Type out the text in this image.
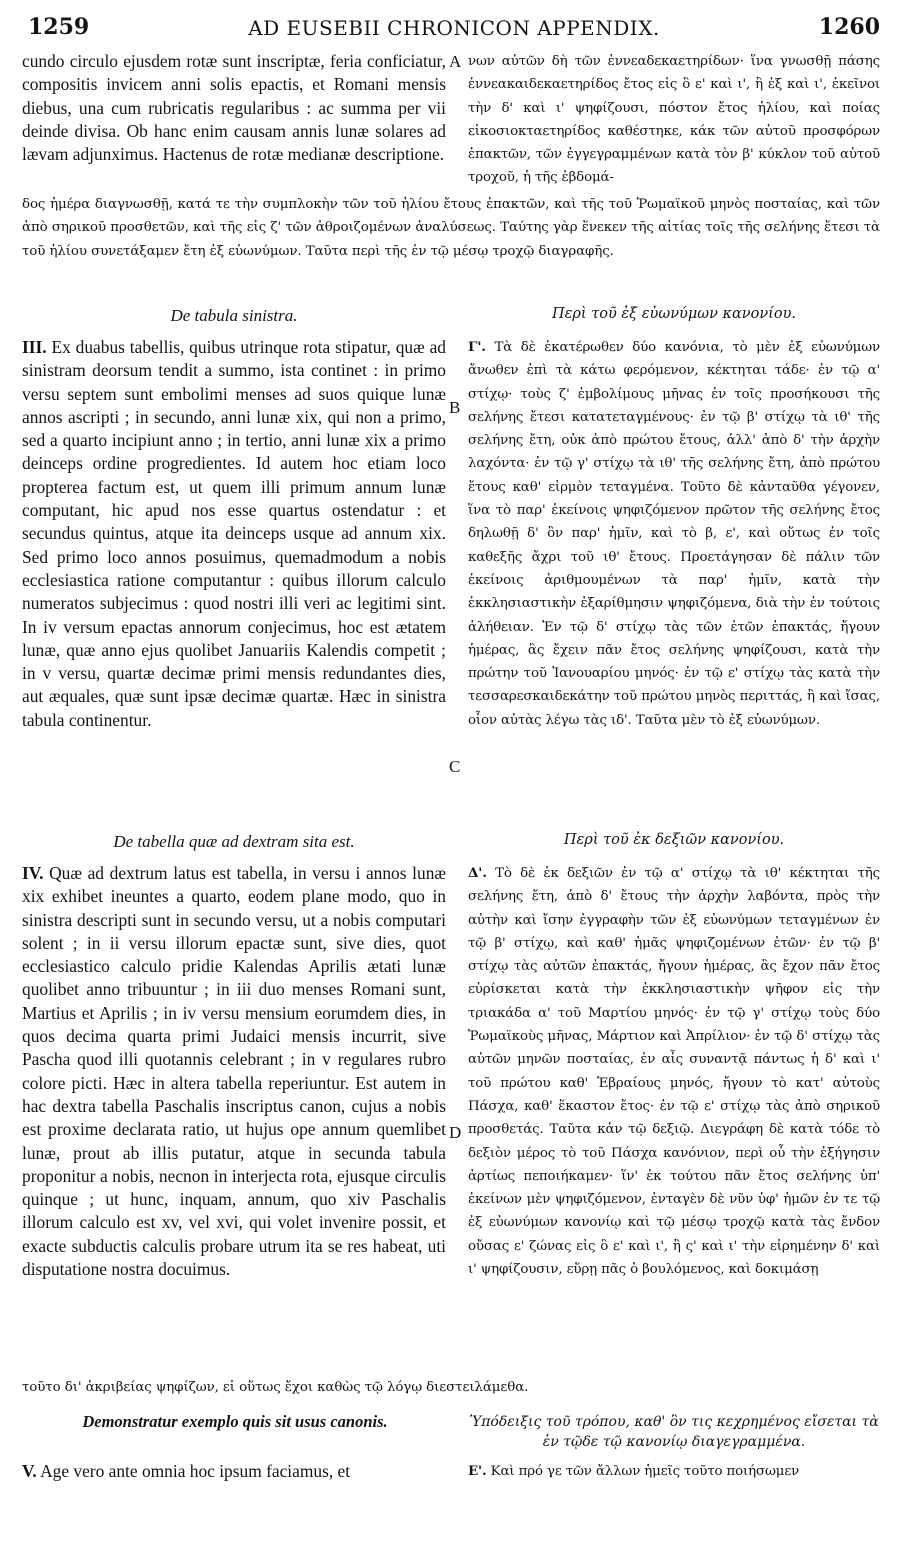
1259	AD EUSEBII CHRONICON APPENDIX.	1260
A
B
C
D

cundo circulo ejusdem rotæ sunt inscriptæ, feria conficiatur, compositis invicem anni solis epactis, et Romani mensis diebus, una cum rubricatis regularibus : ac summa per vii deinde divisa. Ob hanc enim causam annis lunæ solares ad lævam adjunximus. Hactenus de rotæ medianæ descriptione.

νων αὐτῶν δὴ τῶν ἐννεαδεκαετηρίδων· ἵνα γνωσθῇ πάσης ἐννεακαιδεκαετηρίδος ἔτος εἰς ὃ ε' καὶ ι', ἢ ἐξ καὶ ι', ἐκεῖνοι τὴν δ' καὶ ι' ψηφίζουσι, πόστον ἔτος ἡλίου, καὶ ποίας εἰκοσιοκταετηρίδος καθέστηκε, κάκ τῶν αὐτοῦ προσφόρων ἐπακτῶν, τῶν ἐγγεγραμμένων κατὰ τὸν β' κύκλον τοῦ αὐτοῦ τροχοῦ, ἡ τῆς ἑβδομά-

δος ἡμέρα διαγνωσθῇ, κατά τε τὴν συμπλοκὴν τῶν τοῦ ἡλίου ἔτους ἐπακτῶν, καὶ τῆς τοῦ Ῥωμαϊκοῦ μηνὸς ποσταίας, καὶ τῶν ἀπὸ σηρικοῦ προσθετῶν, καὶ τῆς εἰς ζ' τῶν ἀθροιζομένων ἀναλύσεως. Ταύτης γὰρ ἕνεκεν τῆς αἰτίας τοῖς τῆς σελήνης ἔτεσι τὰ τοῦ ἡλίου συνετάξαμεν ἔτη ἐξ εὐωνύμων. Ταῦτα περὶ τῆς ἐν τῷ μέσῳ τροχῷ διαγραφῆς.

De tabula sinistra.	Περὶ τοῦ ἐξ εὐωνύμων κανονίου.

III. Ex duabus tabellis, quibus utrinque rota stipatur, quæ ad sinistram deorsum tendit a summo, ista continet : in primo versu septem sunt embolimi menses ad suos quique lunæ annos ascripti ; in secundo, anni lunæ xix, qui non a primo, sed a quarto incipiunt anno ; in tertio, anni lunæ xix a primo deinceps ordine progredientes. Id autem hoc etiam loco propterea factum est, ut quem illi primum annum lunæ computant, hic apud nos esse quartus ostendatur : et secundus quintus, atque ita deinceps usque ad annum xix. Sed primo loco annos posuimus, quemadmodum a nobis ecclesiastica ratione computantur : quibus illorum calculo numeratos subjecimus : quod nostri illi veri ac legitimi sint. In iv versum epactas annorum conjecimus, hoc est ætatem lunæ, quæ anno ejus quolibet Januariis Kalendis competit ; in v versu, quartæ decimæ primi mensis redundantes dies, aut æquales, quæ sunt ipsæ decimæ quartæ. Hæc in sinistra tabula continentur.

Γ'. Τὰ δὲ ἑκατέρωθεν δύο κανόνια, τὸ μὲν ἐξ εὐωνύμων ἄνωθεν ἐπὶ τὰ κάτω φερόμενον, κέκτηται τάδε· ἐν τῷ α' στίχῳ· τοὺς ζ' ἐμβολίμους μῆνας ἐν τοῖς προσήκουσι τῆς σελήνης ἔτεσι κατατεταγμένους· ἐν τῷ β' στίχῳ τὰ ιθ' τῆς σελήνης ἔτη, οὐκ ἀπὸ πρώτου ἔτους, ἀλλ' ἀπὸ δ' τὴν ἀρχὴν λαχόντα· ἐν τῷ γ' στίχῳ τὰ ιθ' τῆς σελήνης ἔτη, ἀπὸ πρώτου ἔτους καθ' εἱρμὸν τεταγμένα. Τοῦτο δὲ κἀνταῦθα γέγονεν, ἵνα τὸ παρ' ἐκείνοις ψηφιζόμενον πρῶτον τῆς σελήνης ἔτος δηλωθῇ δ' ὂν παρ' ἡμῖν, καὶ τὸ β, ε', καὶ οὕτως ἐν τοῖς καθεξῆς ἄχρι τοῦ ιθ' ἔτους. Προετάγησαν δὲ πάλιν τῶν ἐκείνοις ἀριθμουμένων τὰ παρ' ἡμῖν, κατὰ τὴν ἐκκλησιαστικὴν ἐξαρίθμησιν ψηφιζόμενα, διὰ τὴν ἐν τούτοις ἀλήθειαν. Ἐν τῷ δ' στίχῳ τὰς τῶν ἐτῶν ἐπακτάς, ἤγουν ἡμέρας, ἃς ἔχειν πᾶν ἔτος σελήνης ψηφίζουσι, κατὰ τὴν πρώτην τοῦ Ἰανουαρίου μηνός· ἐν τῷ ε' στίχῳ τὰς κατὰ τὴν τεσσαρεσκαιδεκάτην τοῦ πρώτου μηνὸς περιττάς, ἢ καὶ ἴσας, οἷον αὐτὰς λέγω τὰς ιδ'. Ταῦτα μὲν τὸ ἐξ εὐωνύμων.

De tabella quæ ad dextram sita est.	Περὶ τοῦ ἐκ δεξιῶν κανονίου.

IV. Quæ ad dextrum latus est tabella, in versu i annos lunæ xix exhibet ineuntes a quarto, eodem plane modo, quo in sinistra descripti sunt in secundo versu, ut a nobis computari solent ; in ii versu illorum epactæ sunt, sive dies, quot ecclesiastico calculo pridie Kalendas Aprilis ætati lunæ quolibet anno tribuuntur ; in iii duo menses Romani sunt, Martius et Aprilis ; in iv versu mensium eorumdem dies, in quos decima quarta primi Judaici mensis incurrit, sive Pascha quod illi quotannis celebrant ; in v regulares rubro colore picti. Hæc in altera tabella reperiuntur. Est autem in hac dextra tabella Paschalis inscriptus canon, cujus a nobis est proxime declarata ratio, ut hujus ope annum quemlibet lunæ, prout ab illis putatur, atque in secunda tabula proponitur a nobis, necnon in interjecta rota, ejusque circulis quinque ; ut hunc, inquam, annum, quo xiv Paschalis illorum calculo est xv, vel xvi, qui volet invenire possit, et exacte subductis calculis probare utrum ita se res habeat, uti disputatione nostra docuimus.

Δ'. Τὸ δὲ ἐκ δεξιῶν ἐν τῷ α' στίχῳ τὰ ιθ' κέκτηται τῆς σελήνης ἔτη, ἀπὸ δ' ἔτους τὴν ἀρχὴν λαβόντα, πρὸς τὴν αὐτὴν καὶ ἴσην ἐγγραφὴν τῶν ἐξ εὐωνύμων τεταγμένων ἐν τῷ β' στίχῳ, καὶ καθ' ἡμᾶς ψηφιζομένων ἐτῶν· ἐν τῷ β' στίχῳ τὰς αὐτῶν ἐπακτάς, ἤγουν ἡμέρας, ἃς ἔχον πᾶν ἔτος εὑρίσκεται κατὰ τὴν ἐκκλησιαστικὴν ψῆφον εἰς τὴν τριακάδα α' τοῦ Μαρτίου μηνός· ἐν τῷ γ' στίχῳ τοὺς δύο Ῥωμαϊκοὺς μῆνας, Μάρτιον καὶ Ἀπρίλιον· ἐν τῷ δ' στίχῳ τὰς αὐτῶν μηνῶν ποσταίας, ἐν αἷς συναντᾷ πάντως ἡ δ' καὶ ι' τοῦ πρώτου καθ' Ἑβραίους μηνός, ἤγουν τὸ κατ' αὐτοὺς Πάσχα, καθ' ἕκαστον ἔτος· ἐν τῷ ε' στίχῳ τὰς ἀπὸ σηρικοῦ προσθετάς. Ταῦτα κἀν τῷ δεξιῷ. Διεγράφη δὲ κατὰ τόδε τὸ δεξιὸν μέρος τὸ τοῦ Πάσχα κανόνιον, περὶ οὗ τὴν ἐξήγησιν ἀρτίως πεποιήκαμεν· ἵν' ἐκ τούτου πᾶν ἔτος σελήνης ὑπ' ἐκείνων μὲν ψηφιζόμενον, ἐνταγὲν δὲ νῦν ὑφ' ἡμῶν ἐν τε τῷ ἐξ εὐωνύμων κανονίῳ καὶ τῷ μέσῳ τροχῷ κατὰ τὰς ἔνδον οὔσας ε' ζώνας εἰς ὃ ε' καὶ ι', ἢ ς' καὶ ι' τὴν εἰρημένην δ' καὶ ι' ψηφίζουσιν, εὕρῃ πᾶς ὁ βουλόμενος, καὶ δοκιμάσῃ

τοῦτο δι' ἀκριβείας ψηφίζων, εἰ οὕτως ἔχοι καθὼς τῷ λόγῳ διεστειλάμεθα.

Demonstratur exemplo quis sit usus canonis.	Ὑπόδειξις τοῦ τρόπου, καθ' ὃν τις κεχρημένος εἴσεται τὰ ἐν τῷδε τῷ κανονίῳ διαγεγραμμένα.

V. Age vero ante omnia hoc ipsum faciamus, et	Ε'. Καὶ πρό γε τῶν ἄλλων ἡμεῖς τοῦτο ποιήσωμεν
